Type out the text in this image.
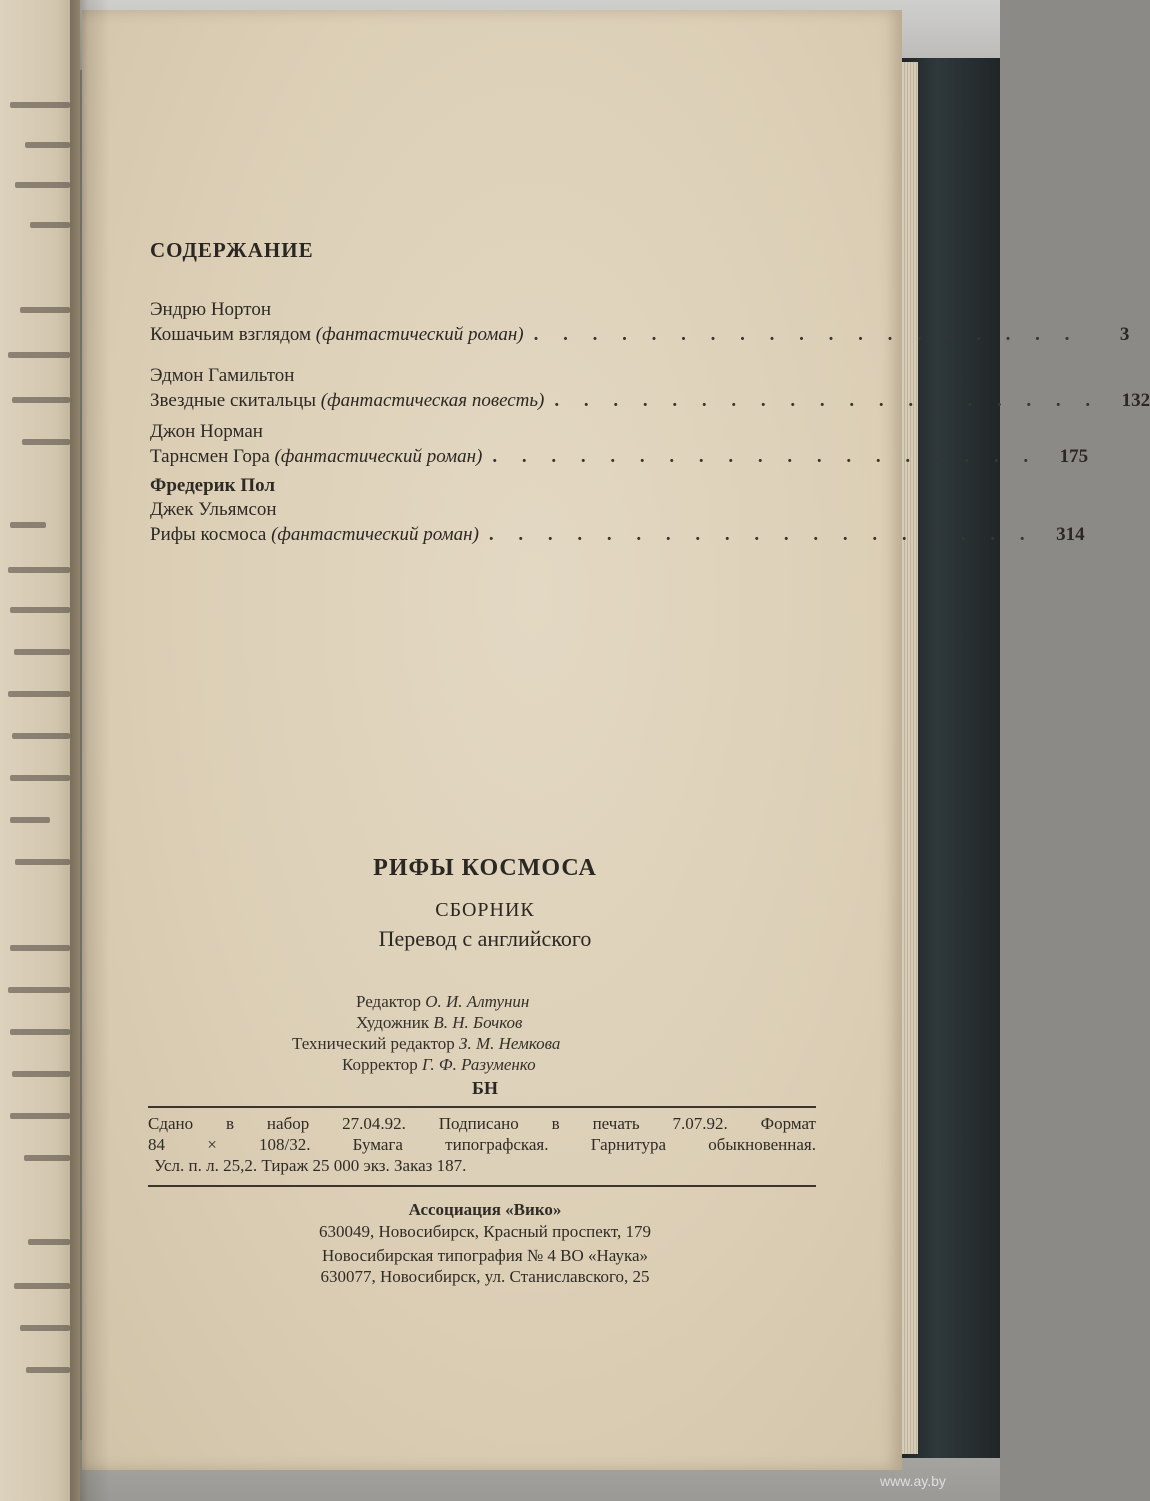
СОДЕРЖАНИЕ
Эндрю Нортон
Кошачьим взглядом
(фантастический роман) . . . . . . . . . . . . . . . . . . .	3
Эдмон Гамильтон
Звездные скитальцы
(фантастическая повесть) . . . . . . . . . . . . . . . . . . .	132
Джон Норман
Тарнсмен Гора
(фантастический роман) . . . . . . . . . . . . . . . . . . .	175
Фредерик Пол
Джек Ульямсон
Рифы космоса
(фантастический роман) . . . . . . . . . . . . . . . . . . .	314
РИФЫ КОСМОСА
СБОРНИК
Перевод с английского
Редактор О. И. Алтунин
Художник В. Н. Бочков
Технический редактор З. М. Немкова
Корректор Г. Ф. Разуменко
БН
Сдано в набор 27.04.92. Подписано в печать 7.07.92. Формат
84 × 108/32. Бумага типографская. Гарнитура обыкновенная.
Усл. п. л. 25,2. Тираж 25 000 экз. Заказ 187.
Ассоциация «Вико»
630049, Новосибирск, Красный проспект, 179
Новосибирская типография № 4 ВО «Наука»
630077, Новосибирск, ул. Станиславского, 25
www.ay.by
